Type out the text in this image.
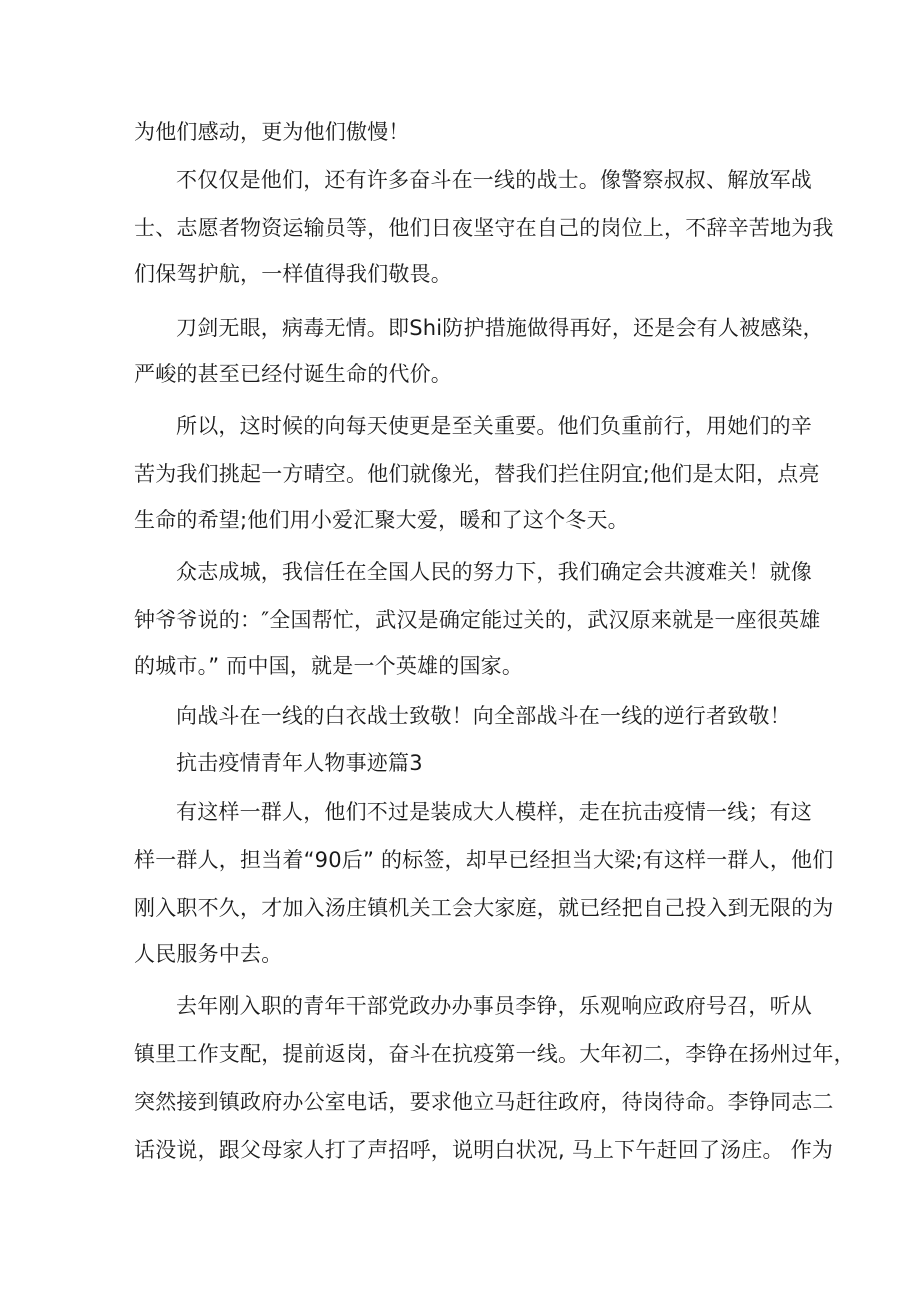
为他们感动，更为他们傲慢！
不仅仅是他们，还有许多奋斗在一线的战士。像警察叔叔、解放军战
士、志愿者物资运输员等，他们日夜坚守在自己的岗位上，不辞辛苦地为我
们保驾护航，一样值得我们敬畏。
刀剑无眼，病毒无情。即Shi防护措施做得再好，还是会有人被感染，
严峻的甚至已经付诞生命的代价。
所以，这时候的向每天使更是至关重要。他们负重前行，用她们的辛
苦为我们挑起一方晴空。他们就像光，替我们拦住阴宜;他们是太阳，点亮
生命的希望;他们用小爱汇聚大爱，暖和了这个冬天。
众志成城，我信任在全国人民的努力下，我们确定会共渡难关！就像
钟爷爷说的：″全国帮忙，武汉是确定能过关的，武汉原来就是一座很英雄
的城市。” 而中国，就是一个英雄的国家。
向战斗在一线的白衣战士致敬！向全部战斗在一线的逆行者致敬！
抗击疫情青年人物事迹篇3
有这样一群人，他们不过是装成大人模样，走在抗击疫情一线；有这
样一群人，担当着“90后” 的标签，却早已经担当大梁;有这样一群人，他们
刚入职不久，才加入汤庄镇机关工会大家庭，就已经把自己投入到无限的为
人民服务中去。
去年刚入职的青年干部党政办办事员李铮，乐观响应政府号召，听从
镇里工作支配，提前返岗，奋斗在抗疫第一线。大年初二，李铮在扬州过年，
突然接到镇政府办公室电话，要求他立马赶往政府，待岗待命。李铮同志二
话没说，跟父母家人打了声招呼，说明白状况, 马上下午赶回了汤庄。 作为
